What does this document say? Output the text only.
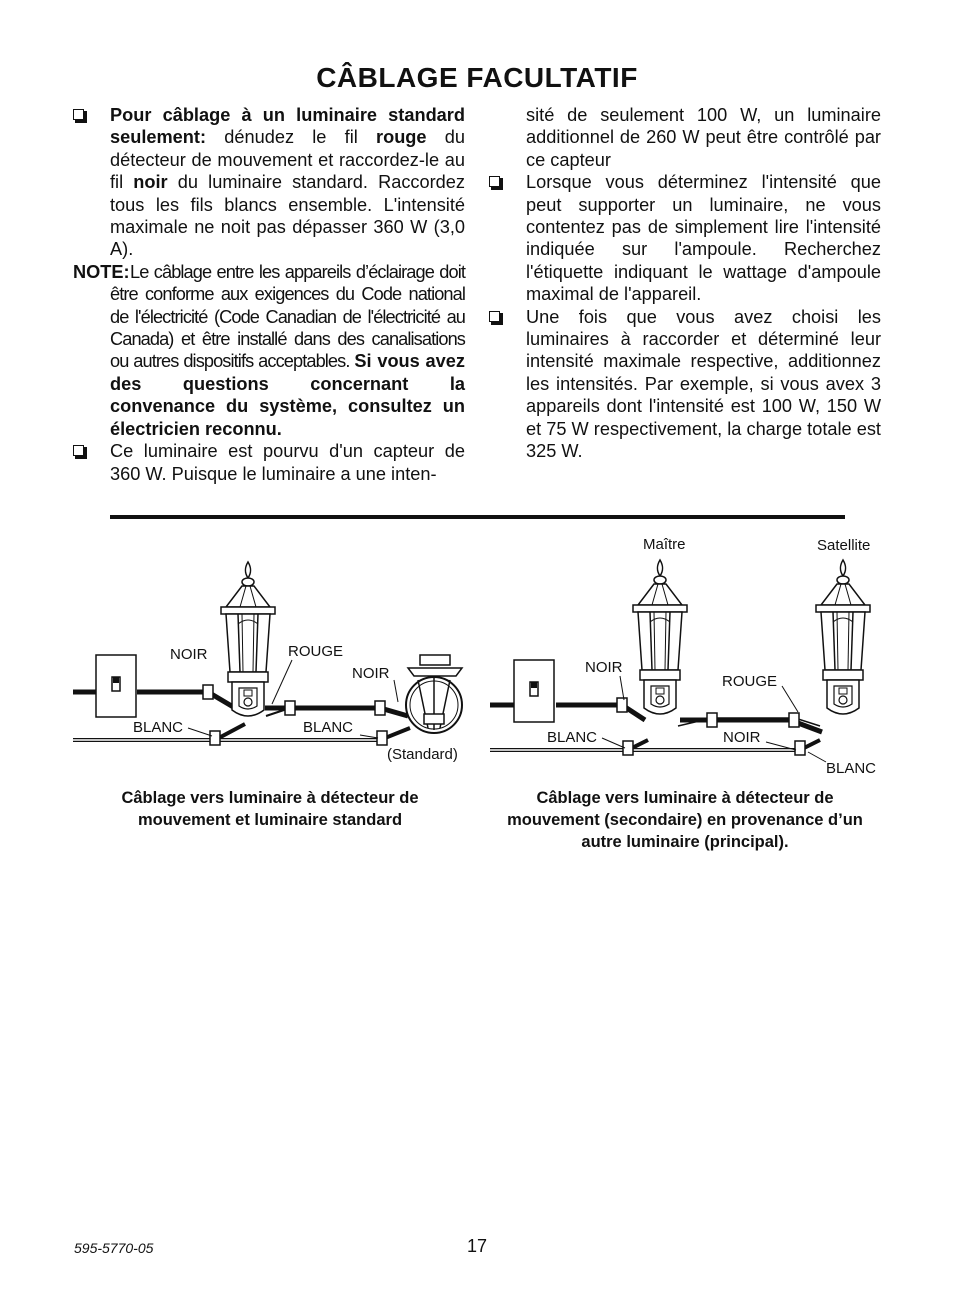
CÂBLAGE FACULTATIF

Pour câblage à un luminaire standard seulement: dénudez le fil rouge du détecteur de mouvement et raccordez-le au fil noir du luminaire standard. Raccordez tous les fils blancs ensemble. L'intensité maximale ne noit pas dépasser 360 W (3,0 A).

NOTE: Le câblage entre les appareils d’éclairage doit être conforme aux exigences du Code national de l'électricité (Code Canadian de l'électricité au Canada) et être installé dans des canalisations ou autres dispositifs acceptables. Si vous avez des questions concernant la convenance du système, consultez un électricien reconnu.

Ce luminaire est pourvu d'un capteur de 360 W. Puisque le luminaire a une inten-

sité de seulement 100 W, un luminaire additionnel de 260 W peut être contrôlé par ce capteur

Lorsque vous déterminez l'intensité que peut supporter un luminaire, ne vous contentez pas de simplement lire l'intensité indiquée sur l'ampoule. Recherchez l'étiquette indiquant le wattage d'ampoule maximal de l'appareil.

Une fois que vous avez choisi les luminaires à raccorder et déterminé leur intensité maximale respective, additionnez les intensités. Par exemple, si vous avex 3 appareils dont l'intensité est 100 W, 150 W et 75 W respectivement, la charge totale est 325 W.

NOIR	ROUGE
NOIR
BLANC	BLANC
(Standard)
Maître	Satellite
NOIR
ROUGE
BLANC	NOIR
BLANC

Câblage vers luminaire à détecteur de mouvement et luminaire standard

Câblage vers luminaire à détecteur de mouvement (secondaire) en provenance d’un autre luminaire (principal).

595-5770-05	17
